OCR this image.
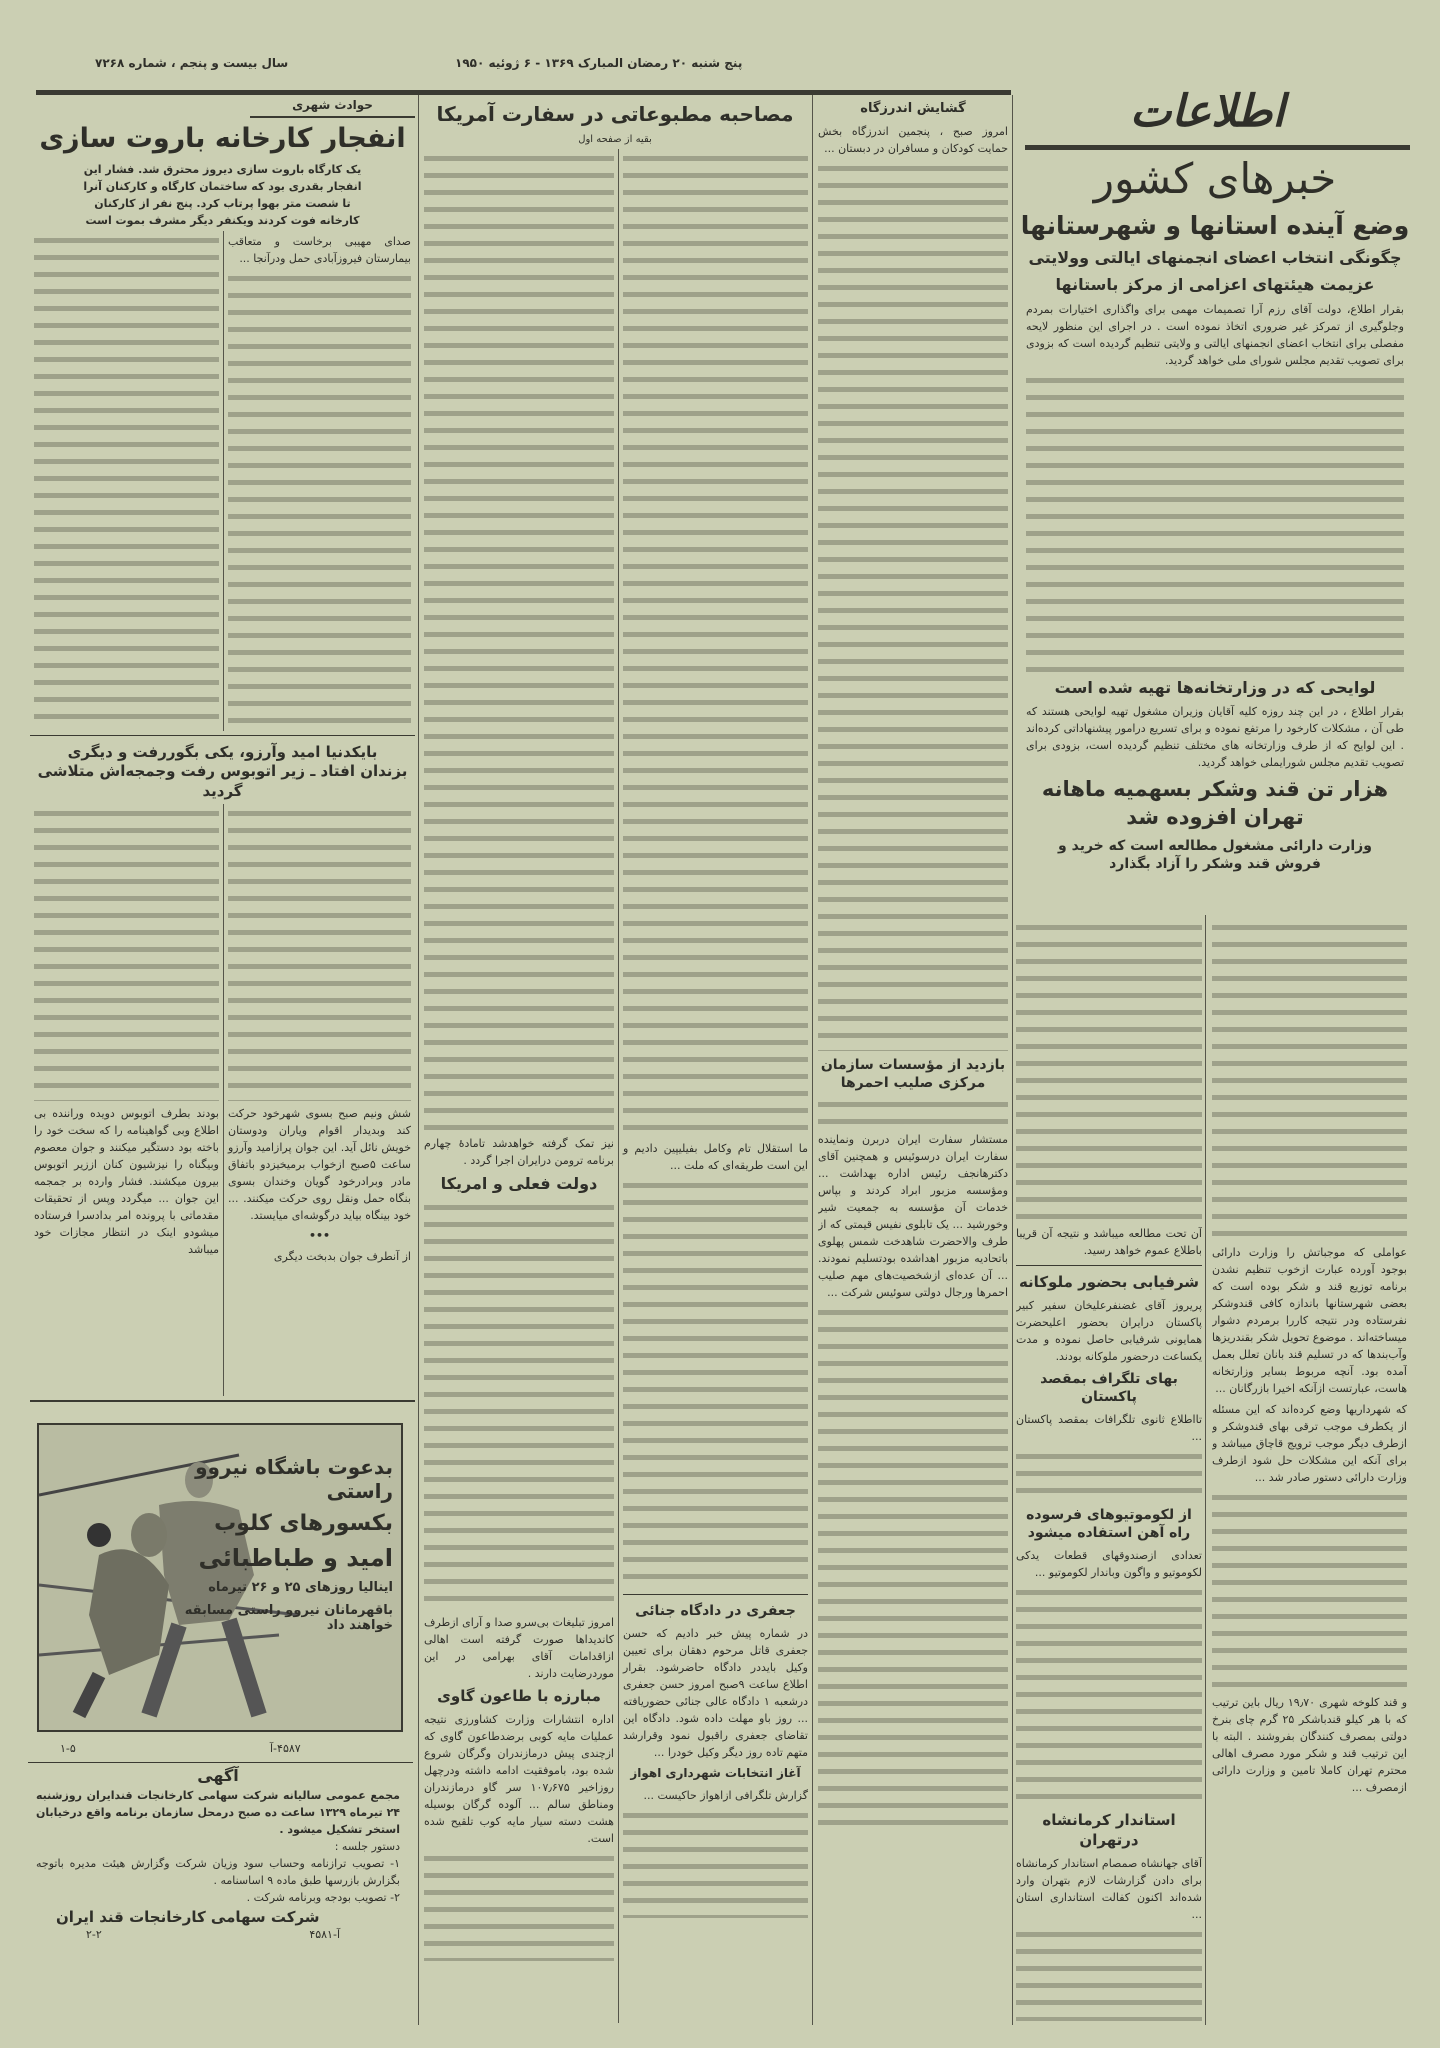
سال بیست و پنجم ، شماره ۷۲۶۸	پنج شنبه ۲۰ رمضان المبارک ۱۳۶۹ - ۶ ژوئیه ۱۹۵۰
اطلاعات
خبرهای کشور
وضع آینده استانها و شهرستانها
چگونگی انتخاب اعضای انجمنهای ایالتی وولایتی
عزیمت هیئتهای اعزامی از مرکز باستانها
بقرار اطلاع، دولت آقای رزم آرا تصمیمات مهمی برای واگذاری اختیارات بمردم وجلوگیری از تمرکز غیر ضروری اتخاذ نموده است . در اجرای این منظور لایحه مفصلی برای انتخاب اعضای انجمنهای ایالتی و ولایتی تنظیم گردیده است که بزودی برای تصویب تقدیم مجلس شورای ملی خواهد گردید.
لوایحی که در وزارتخانه‌ها تهیه شده است
بقرار اطلاع ، در این چند روزه کلیه آقایان وزیران مشغول تهیه لوایحی هستند که طی آن ، مشکلات کارخود را مرتفع نموده و برای تسریع درامور پیشنهاداتی کرده‌اند . این لوایح که از طرف وزارتخانه های مختلف تنظیم گردیده است، بزودی برای تصویب تقدیم مجلس شورایملی خواهد گردید.
هزار تن قند وشکر بسهمیه ماهانه تهران افزوده شد
وزارت دارائی مشغول مطالعه است که خرید و فروش قند وشکر را آزاد بگذارد
عواملی که موجباتش را وزارت دارائی بوجود آورده عبارت ازخوب تنظیم نشدن برنامه توزیع قند و شکر بوده است که بعضی شهرستانها باندازه کافی قندوشکر نفرستاده ودر نتیجه کاررا برمردم دشوار میساخته‌اند . موضوع تحویل شکر بقندریزها وآب‌بندها که در تسلیم قند بانان تعلل بعمل آمده بود. آنچه مربوط بسایر وزارتخانه هاست، عبارتست ازآنکه اخیرا بازرگانان ...
که شهرداریها وضع کرده‌اند که این مسئله از یکطرف موجب ترقی بهای قندوشکر و ازطرف دیگر موجب ترویج قاچاق میباشد و برای آنکه این مشکلات حل شود ازطرف وزارت دارائی دستور صادر شد ...
و قند کلوخه شهری ۱۹٫۷۰ ریال باین ترتیب که با هر کیلو قندباشکر ۲۵ گرم چای بنرخ دولتی بمصرف کنندگان بفروشند . البته با این ترتیب قند و شکر مورد مصرف اهالی محترم تهران کاملا تامین و وزارت دارائی ازمصرف ...
آن تحت مطالعه میباشد و نتیجه آن قریبا باطلاع عموم خواهد رسید.
شرفیابی بحضور ملوکانه
پریروز آقای غضنفرعلیخان سفیر کبیر پاکستان درایران بحضور اعلیحضرت همایونی شرفیابی حاصل نموده و مدت یکساعت درحضور ملوکانه بودند.
بهای تلگراف بمقصد پاکستان
تااطلاع ثانوی تلگرافات بمقصد پاکستان ...
از لکوموتیوهای فرسوده راه آهن استفاده میشود
تعدادی ازصندوقهای قطعات یدکی لکوموتیو و واگون وباندار لکوموتیو ...
استاندار کرمانشاه درتهران
آقای جهانشاه صمصام استاندار کرمانشاه برای دادن گزارشات لازم بتهران وارد شده‌اند اکنون کفالت استانداری استان ...
گشایش اندرزگاه
امروز صبح ، پنجمین اندرزگاه بخش حمایت کودکان و مسافران در دبستان ...
بازدید از مؤسسات سازمان مرکزی صلیب احمرها
مستشار سفارت ایران دربرن ونماینده سفارت ایران درسوئیس و همچنین آقای دکترهانجف رئیس اداره بهداشت ... ومؤسسه مزبور ابراد کردند و بپاس خدمات آن مؤسسه به جمعیت شیر وخورشید ... یک تابلوی نفیس قیمتی که از طرف والاحضرت شاهدخت شمس پهلوی باتحادیه مزبور اهداشده بودتسلیم نمودند. ... آن عده‌ای ازشخصیت‌های مهم صلیب احمرها ورجال دولتی سوئیس شرکت ...
مصاحبه مطبوعاتی در سفارت آمریکا
بقیه از صفحه اول
ما استقلال تام وکامل بفیلیپین دادیم و این است طریقه‌ای که ملت ...
جعفری در دادگاه جنائی
در شماره پیش خبر دادیم که حسن جعفری قاتل مرحوم دهقان برای تعیین وکیل بایددر دادگاه حاضرشود. بقرار اطلاع ساعت ۹صبح امروز حسن جعفری درشعبه ۱ دادگاه عالی جنائی حضوریافته ... روز باو مهلت داده شود. دادگاه این تقاضای جعفری راقبول نمود وقرارشد متهم تاده روز دیگر وکیل خودرا ...
آغاز انتخابات شهرداری اهواز
گزارش تلگرافی ازاهواز حاکیست ...
نیز تمک گرفته خواهدشد تامادهٔ چهارم برنامه ترومن درایران اجرا گردد .
دولت فعلی و امریکا
امروز تبلیغات بی‌سرو صدا و آرای ازطرف کاندیداها صورت گرفته است اهالی ازاقدامات آقای بهرامی در این موردرضایت دارند .
مبارزه با طاعون گاوی
اداره انتشارات وزارت کشاورزی نتیجه عملیات مایه کوبی برضدطاعون گاوی که ازچندی پیش درمازندران وگرگان شروع شده بود، باموفقیت ادامه داشته ودرچهل روزاخیر ۱۰۷٫۶۷۵ سر گاو درمازندران ومناطق سالم ... آلوده گرگان بوسیله هشت دسته سیار مایه کوب تلقیح شده است.
حوادث شهری
انفجار کارخانه باروت سازی
یک کارگاه باروت سازی دیروز محترق شد. فشار این انفجار بقدری بود که ساختمان کارگاه و کارکنان آنرا تا شصت متر بهوا پرتاب کرد. پنج نفر از کارکنان کارخانه فوت کردند ویکنفر دیگر مشرف بموت است
صدای مهیبی برخاست و متعاقب بیمارستان فیروزآبادی حمل ودرآنجا ...
بایکدنیا امید وآرزو، یکی بگوررفت و دیگری
بزندان افتاد ـ زیر اتوبوس رفت وجمجه‌اش متلاشی گردید
شش ونیم صبح بسوی شهرخود حرکت کند وبدیدار اقوام ویاران ودوستان خویش نائل آید. این جوان پرازامید وآرزو ساعت ۵صبح ازخواب برمیخیزدو باتفاق مادر وبرادرخود گویان وخندان بسوی بنگاه حمل ونقل روی حرکت میکنند. ... خود بینگاه بیاید درگوشه‌ای میایستد.
•••
از آنطرف جوان بدبخت دیگری
بودند بطرف اتوبوس دویده وراننده بی اطلاع وبی گواهینامه را که سخت خود را باخته بود دستگیر میکنند و جوان معصوم وبیگناه را نیزشیون کنان اززیر اتوبوس بیرون میکشند. فشار وارده بر جمجمه این جوان ... میگردد وپس از تحقیقات مقدماتی با پرونده امر بدادسرا فرستاده میشودو اینک در انتظار مجازات خود میباشد
بدعوت باشگاه نیروو راستی
بکسورهای کلوب
امید و طباطبائی
اینالیا روزهای ۲۵ و ۲۶ تیرماه
باقهرمانان نیروو راستی مسابقه خواهند داد
۴۵۸۷-آ
۱-۵
آگهی
مجمع عمومی سالیانه شرکت سهامی کارخانجات قندایران روزشنبه ۲۴ تیرماه ۱۳۲۹ ساعت ده صبح درمحل سازمان برنامه واقع درخیابان استخر تشکیل میشود .
دستور جلسه :
۱- تصویب ترازنامه وحساب سود وزیان شرکت وگزارش هیئت مدیره باتوجه بگزارش بازرسها طبق ماده ۹ اساسنامه .
۲- تصویب بودجه وبرنامه شرکت .
شرکت سهامی کارخانجات قند ایران
۲-۲	۴۵۸۱-آ
